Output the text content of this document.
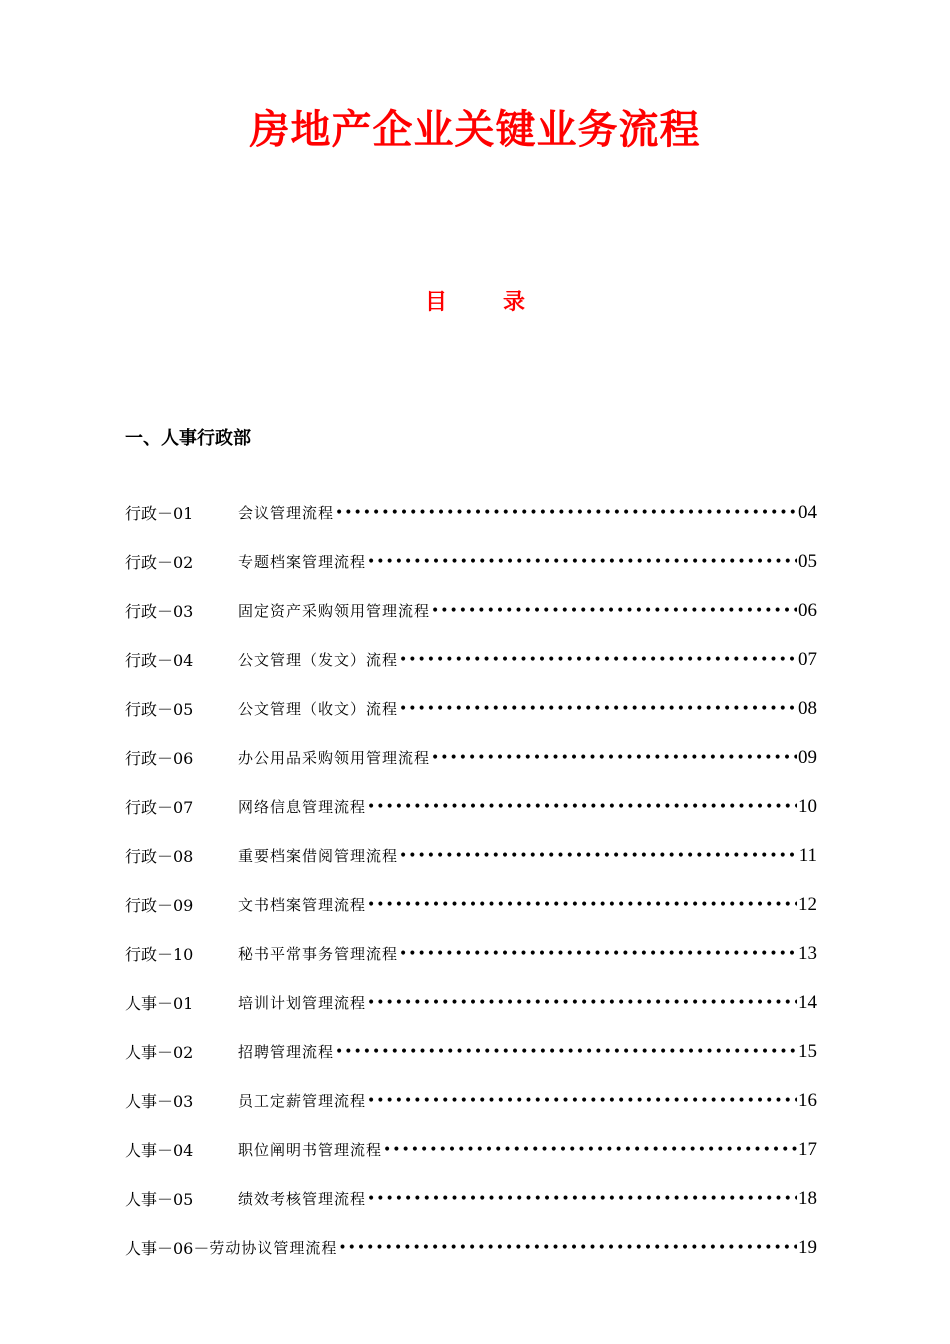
房地产企业关键业务流程
目	录
一、人事行政部
行政－01	会议管理流程 •••••	04
行政－02	专题档案管理流程 •••••	05
行政－03	固定资产采购领用管理流程 •••••	06
行政－04	公文管理（发文）流程 •••••	07
行政－05	公文管理（收文）流程 •••••	08
行政－06	办公用品采购领用管理流程 •••••	09
行政－07	网络信息管理流程 •••••	10
行政－08	重要档案借阅管理流程 •••••	11
行政－09	文书档案管理流程 •••••	12
行政－10	秘书平常事务管理流程 •••••	13
人事－01	培训计划管理流程 •••••	14
人事－02	招聘管理流程 •••••	15
人事－03	员工定薪管理流程 •••••	16
人事－04	职位阐明书管理流程 •••••	17
人事－05	绩效考核管理流程 •••••	18
人事－06－ 劳动协议管理流程 •••••	19
